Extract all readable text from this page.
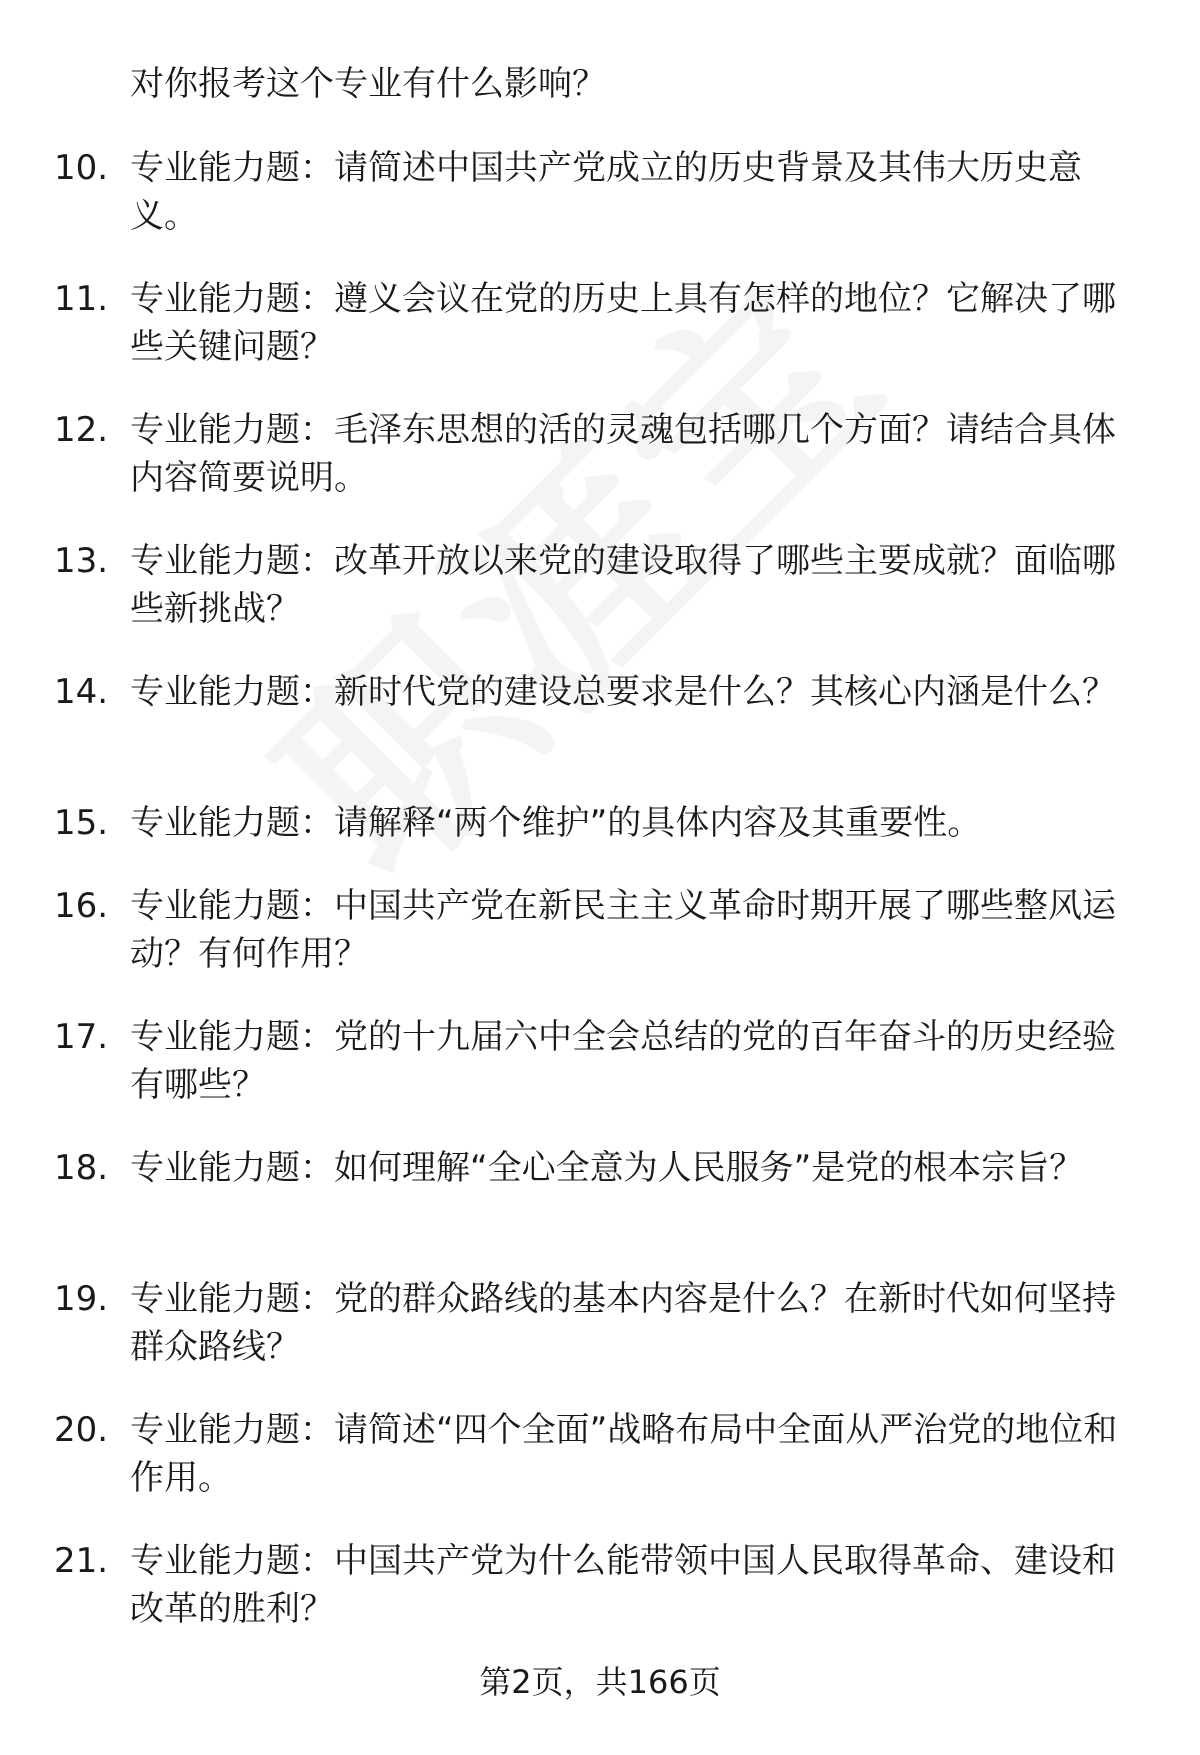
对你报考这个专业有什么影响？
10. 专业能力题：请简述中国共产党成立的历史背景及其伟大历史意义。
11. 专业能力题：遵义会议在党的历史上具有怎样的地位？它解决了哪些关键问题？
12. 专业能力题：毛泽东思想的活的灵魂包括哪几个方面？请结合具体内容简要说明。
13. 专业能力题：改革开放以来党的建设取得了哪些主要成就？面临哪些新挑战？
14. 专业能力题：新时代党的建设总要求是什么？其核心内涵是什么？
15. 专业能力题：请解释“两个维护”的具体内容及其重要性。
16. 专业能力题：中国共产党在新民主主义革命时期开展了哪些整风运动？有何作用？
17. 专业能力题：党的十九届六中全会总结的党的百年奋斗的历史经验有哪些？
18. 专业能力题：如何理解“全心全意为人民服务”是党的根本宗旨？
19. 专业能力题：党的群众路线的基本内容是什么？在新时代如何坚持群众路线？
20. 专业能力题：请简述“四个全面”战略布局中全面从严治党的地位和作用。
21. 专业能力题：中国共产党为什么能带领中国人民取得革命、建设和改革的胜利？
第2页，共166页
